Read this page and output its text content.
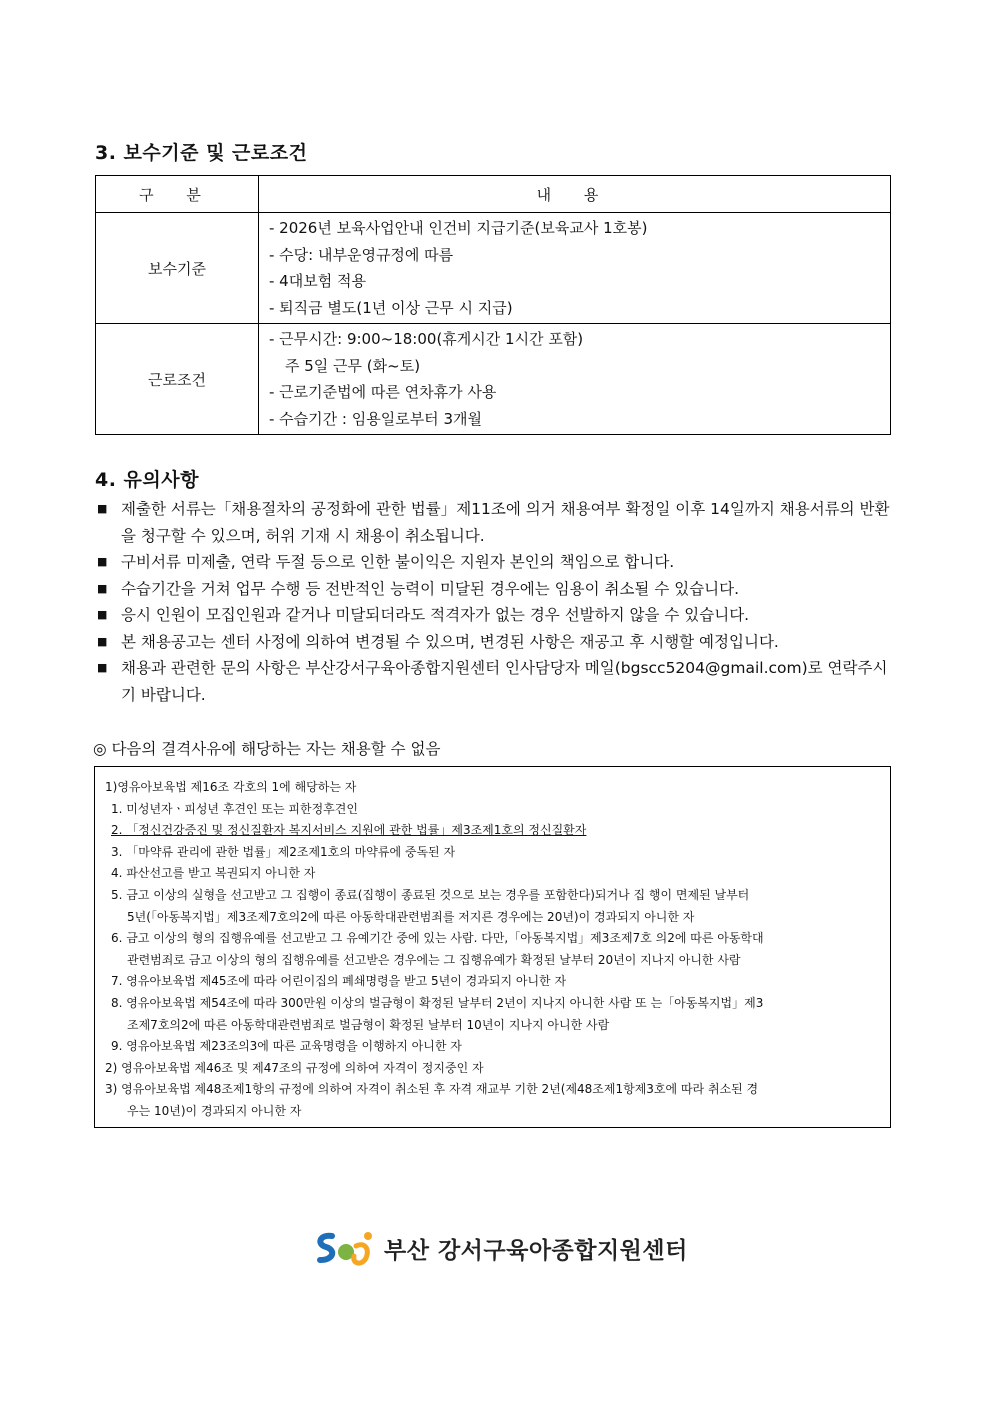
3. 보수기준 및 근로조건
구 분	내 용
보수기준	- 2026년 보육사업안내 인건비 지급기준(보육교사 1호봉)
- 수당: 내부운영규정에 따름
- 4대보험 적용
- 퇴직금 별도(1년 이상 근무 시 지급)

근로조건	- 근무시간: 9:00~18:00(휴게시간 1시간 포함)
주 5일 근무 (화~토)
- 근로기준법에 따른 연차휴가 사용
- 수습기간 : 임용일로부터 3개월
4. 유의사항
■ 제출한 서류는「채용절차의 공정화에 관한 법률」제11조에 의거 채용여부 확정일 이후 14일까지 채용서류의 반환을 청구할 수 있으며, 허위 기재 시 채용이 취소됩니다.
■ 구비서류 미제출, 연락 두절 등으로 인한 불이익은 지원자 본인의 책임으로 합니다.
■ 수습기간을 거쳐 업무 수행 등 전반적인 능력이 미달된 경우에는 임용이 취소될 수 있습니다.
■ 응시 인원이 모집인원과 같거나 미달되더라도 적격자가 없는 경우 선발하지 않을 수 있습니다.
■ 본 채용공고는 센터 사정에 의하여 변경될 수 있으며, 변경된 사항은 재공고 후 시행할 예정입니다.
■ 채용과 관련한 문의 사항은 부산강서구육아종합지원센터 인사담당자 메일(bgscc5204@gmail.com)로 연락주시기 바랍니다.
◎ 다음의 결격사유에 해당하는 자는 채용할 수 없음
1)영유아보육법 제16조 각호의 1에 해당하는 자
1. 미성년자ㆍ피성년 후견인 또는 피한정후견인
2. 「정신건강증진 및 정신질환자 복지서비스 지원에 관한 법률」제3조제1호의 정신질환자
3. 「마약류 관리에 관한 법률」제2조제1호의 마약류에 중독된 자
4. 파산선고를 받고 복권되지 아니한 자
5. 금고 이상의 실형을 선고받고 그 집행이 종료(집행이 종료된 것으로 보는 경우를 포함한다)되거나 집 행이 면제된 날부터
5년(「아동복지법」제3조제7호의2에 따른 아동학대관련범죄를 저지른 경우에는 20년)이 경과되지 아니한 자
6. 금고 이상의 형의 집행유예를 선고받고 그 유예기간 중에 있는 사람. 다만,「아동복지법」제3조제7호 의2에 따른 아동학대
관련범죄로 금고 이상의 형의 집행유예를 선고받은 경우에는 그 집행유예가 확정된 날부터 20년이 지나지 아니한 사람
7. 영유아보육법 제45조에 따라 어린이집의 폐쇄명령을 받고 5년이 경과되지 아니한 자
8. 영유아보육법 제54조에 따라 300만원 이상의 벌금형이 확정된 날부터 2년이 지나지 아니한 사람 또 는「아동복지법」제3
조제7호의2에 따른 아동학대관련범죄로 벌금형이 확정된 날부터 10년이 지나지 아니한 사람
9. 영유아보육법 제23조의3에 따른 교육명령을 이행하지 아니한 자
2) 영유아보육법 제46조 및 제47조의 규정에 의하여 자격이 정지중인 자
3) 영유아보육법 제48조제1항의 규정에 의하여 자격이 취소된 후 자격 재교부 기한 2년(제48조제1항제3호에 따라 취소된 경
우는 10년)이 경과되지 아니한 자
부산 강서구육아종합지원센터
